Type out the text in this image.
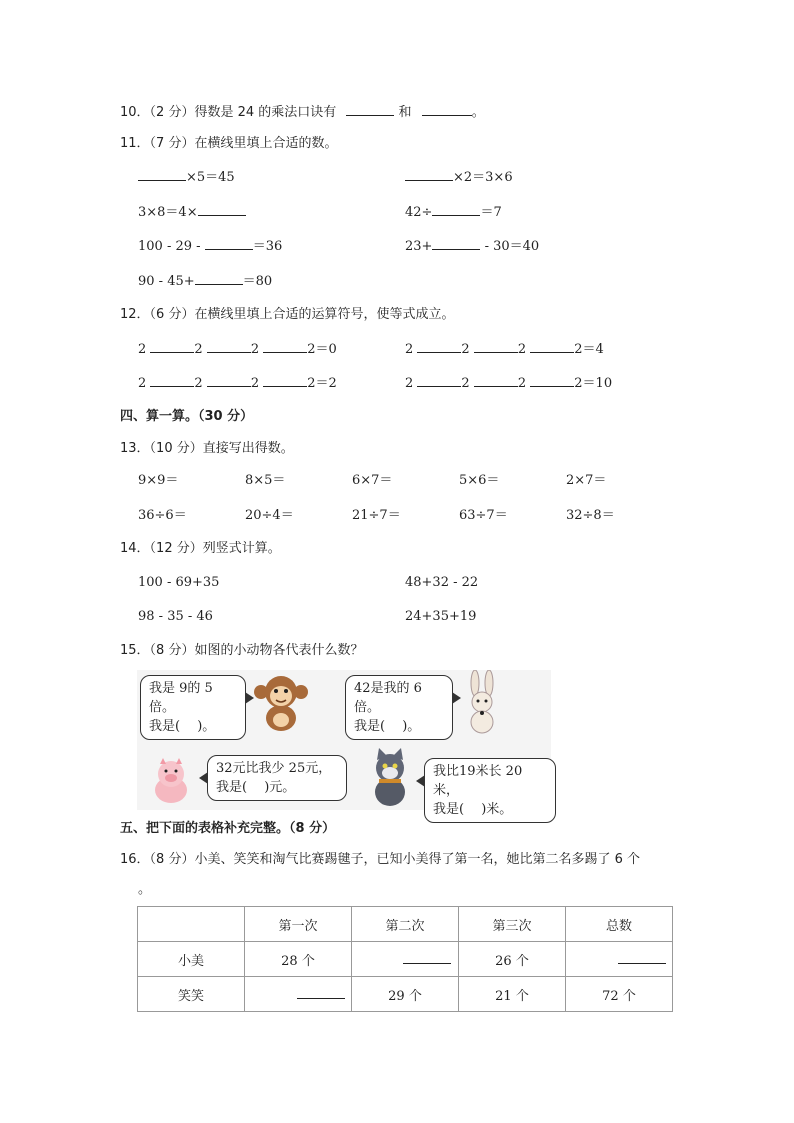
10．（2 分）得数是 24 的乘法口诀有	和	。
11．（7 分）在横线里填上合适的数。
×5＝45	×2＝3×6
3×8＝4×	42÷	＝7
100 - 29 -	＝36	23+	- 30＝40
90 - 45+	＝80
12．（6 分）在横线里填上合适的运算符号，使等式成立。
2	2	2	2＝0	2	2	2	2＝4
2	2	2	2＝2	2	2	2	2＝10
四、算一算。（30 分）
13．（10 分）直接写出得数。
9×9＝	8×5＝	6×7＝	5×6＝	2×7＝
36÷6＝	20÷4＝	21÷7＝	63÷7＝	32÷8＝
14．（12 分）列竖式计算。
100 - 69+35	48+32 - 22
98 - 35 - 46	24+35+19
15．（8 分）如图的小动物各代表什么数？
我是 9的 5倍。
我是(　 )。
42是我的 6倍。
我是(　 )。
32元比我少 25元，
我是(　 )元。
我比19米长 20米，
我是(　 )米。
五、把下面的表格补充完整。（8 分）
16．（8 分）小美、笑笑和淘气比赛踢毽子，已知小美得了第一名，她比第二名多踢了 6 个
。
	第一次	第二次	第三次	总数
小美	28 个		26 个	
笑笑		29 个	21 个	72 个
